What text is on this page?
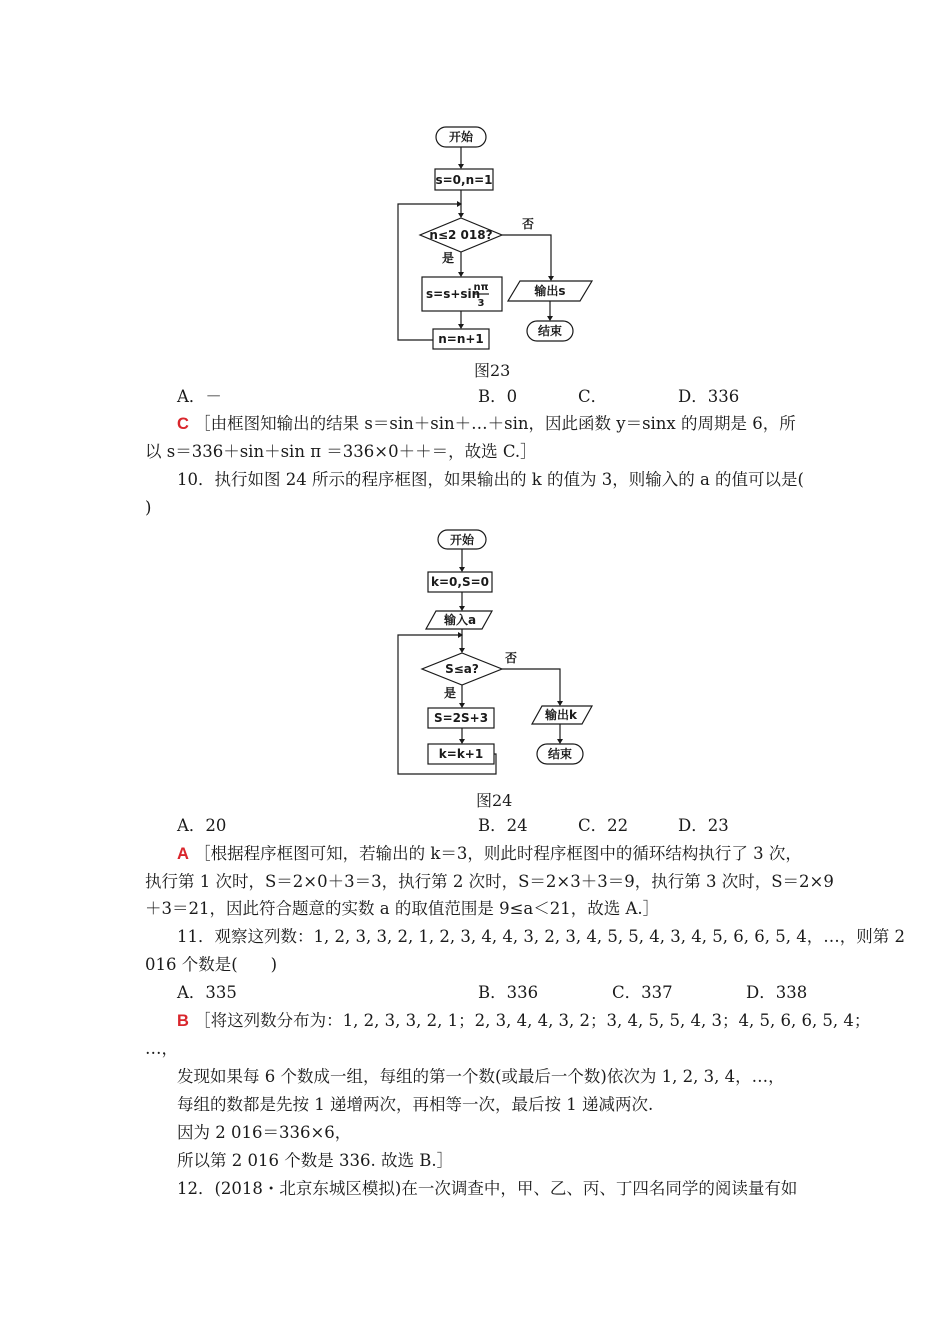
开始
s=0,n=1
n≤2 018?
否
是
s=s+sin
nπ
3
n=n+1
输出s
结束
图23
A．－	B．0	C．	D．336
C ［由框图知输出的结果 s＝sin＋sin＋…＋sin，因此函数 y＝sinx 的周期是 6，所
以 s＝336＋sin＋sin π ＝336×0＋＋＝，故选 C.］
10．执行如图 24 所示的程序框图，如果输出的 k 的值为 3，则输入的 a 的值可以是(
)
开始
k=0,S=0
输入a
S≤a?
否
是
S=2S+3
k=k+1
输出k
结束
图24
A．20	B．24	C．22	D．23
A ［根据程序框图可知，若输出的 k＝3，则此时程序框图中的循环结构执行了 3 次，
执行第 1 次时，S＝2×0＋3＝3，执行第 2 次时，S＝2×3＋3＝9，执行第 3 次时，S＝2×9
＋3＝21，因此符合题意的实数 a 的取值范围是 9≤a＜21，故选 A.］
11．观察这列数：1, 2, 3, 3, 2, 1, 2, 3, 4, 4, 3, 2, 3, 4, 5, 5, 4, 3, 4, 5, 6, 6, 5, 4，…，则第 2
016 个数是(　　)
A．335	B．336	C．337	D．338
B ［将这列数分布为：1, 2, 3, 3, 2, 1；2, 3, 4, 4, 3, 2；3, 4, 5, 5, 4, 3；4, 5, 6, 6, 5, 4；
…，
发现如果每 6 个数成一组，每组的第一个数(或最后一个数)依次为 1, 2, 3, 4，…，
每组的数都是先按 1 递增两次，再相等一次，最后按 1 递减两次.
因为 2 016＝336×6，
所以第 2 016 个数是 336. 故选 B.］
12．(2018・北京东城区模拟)在一次调查中，甲、乙、丙、丁四名同学的阅读量有如
